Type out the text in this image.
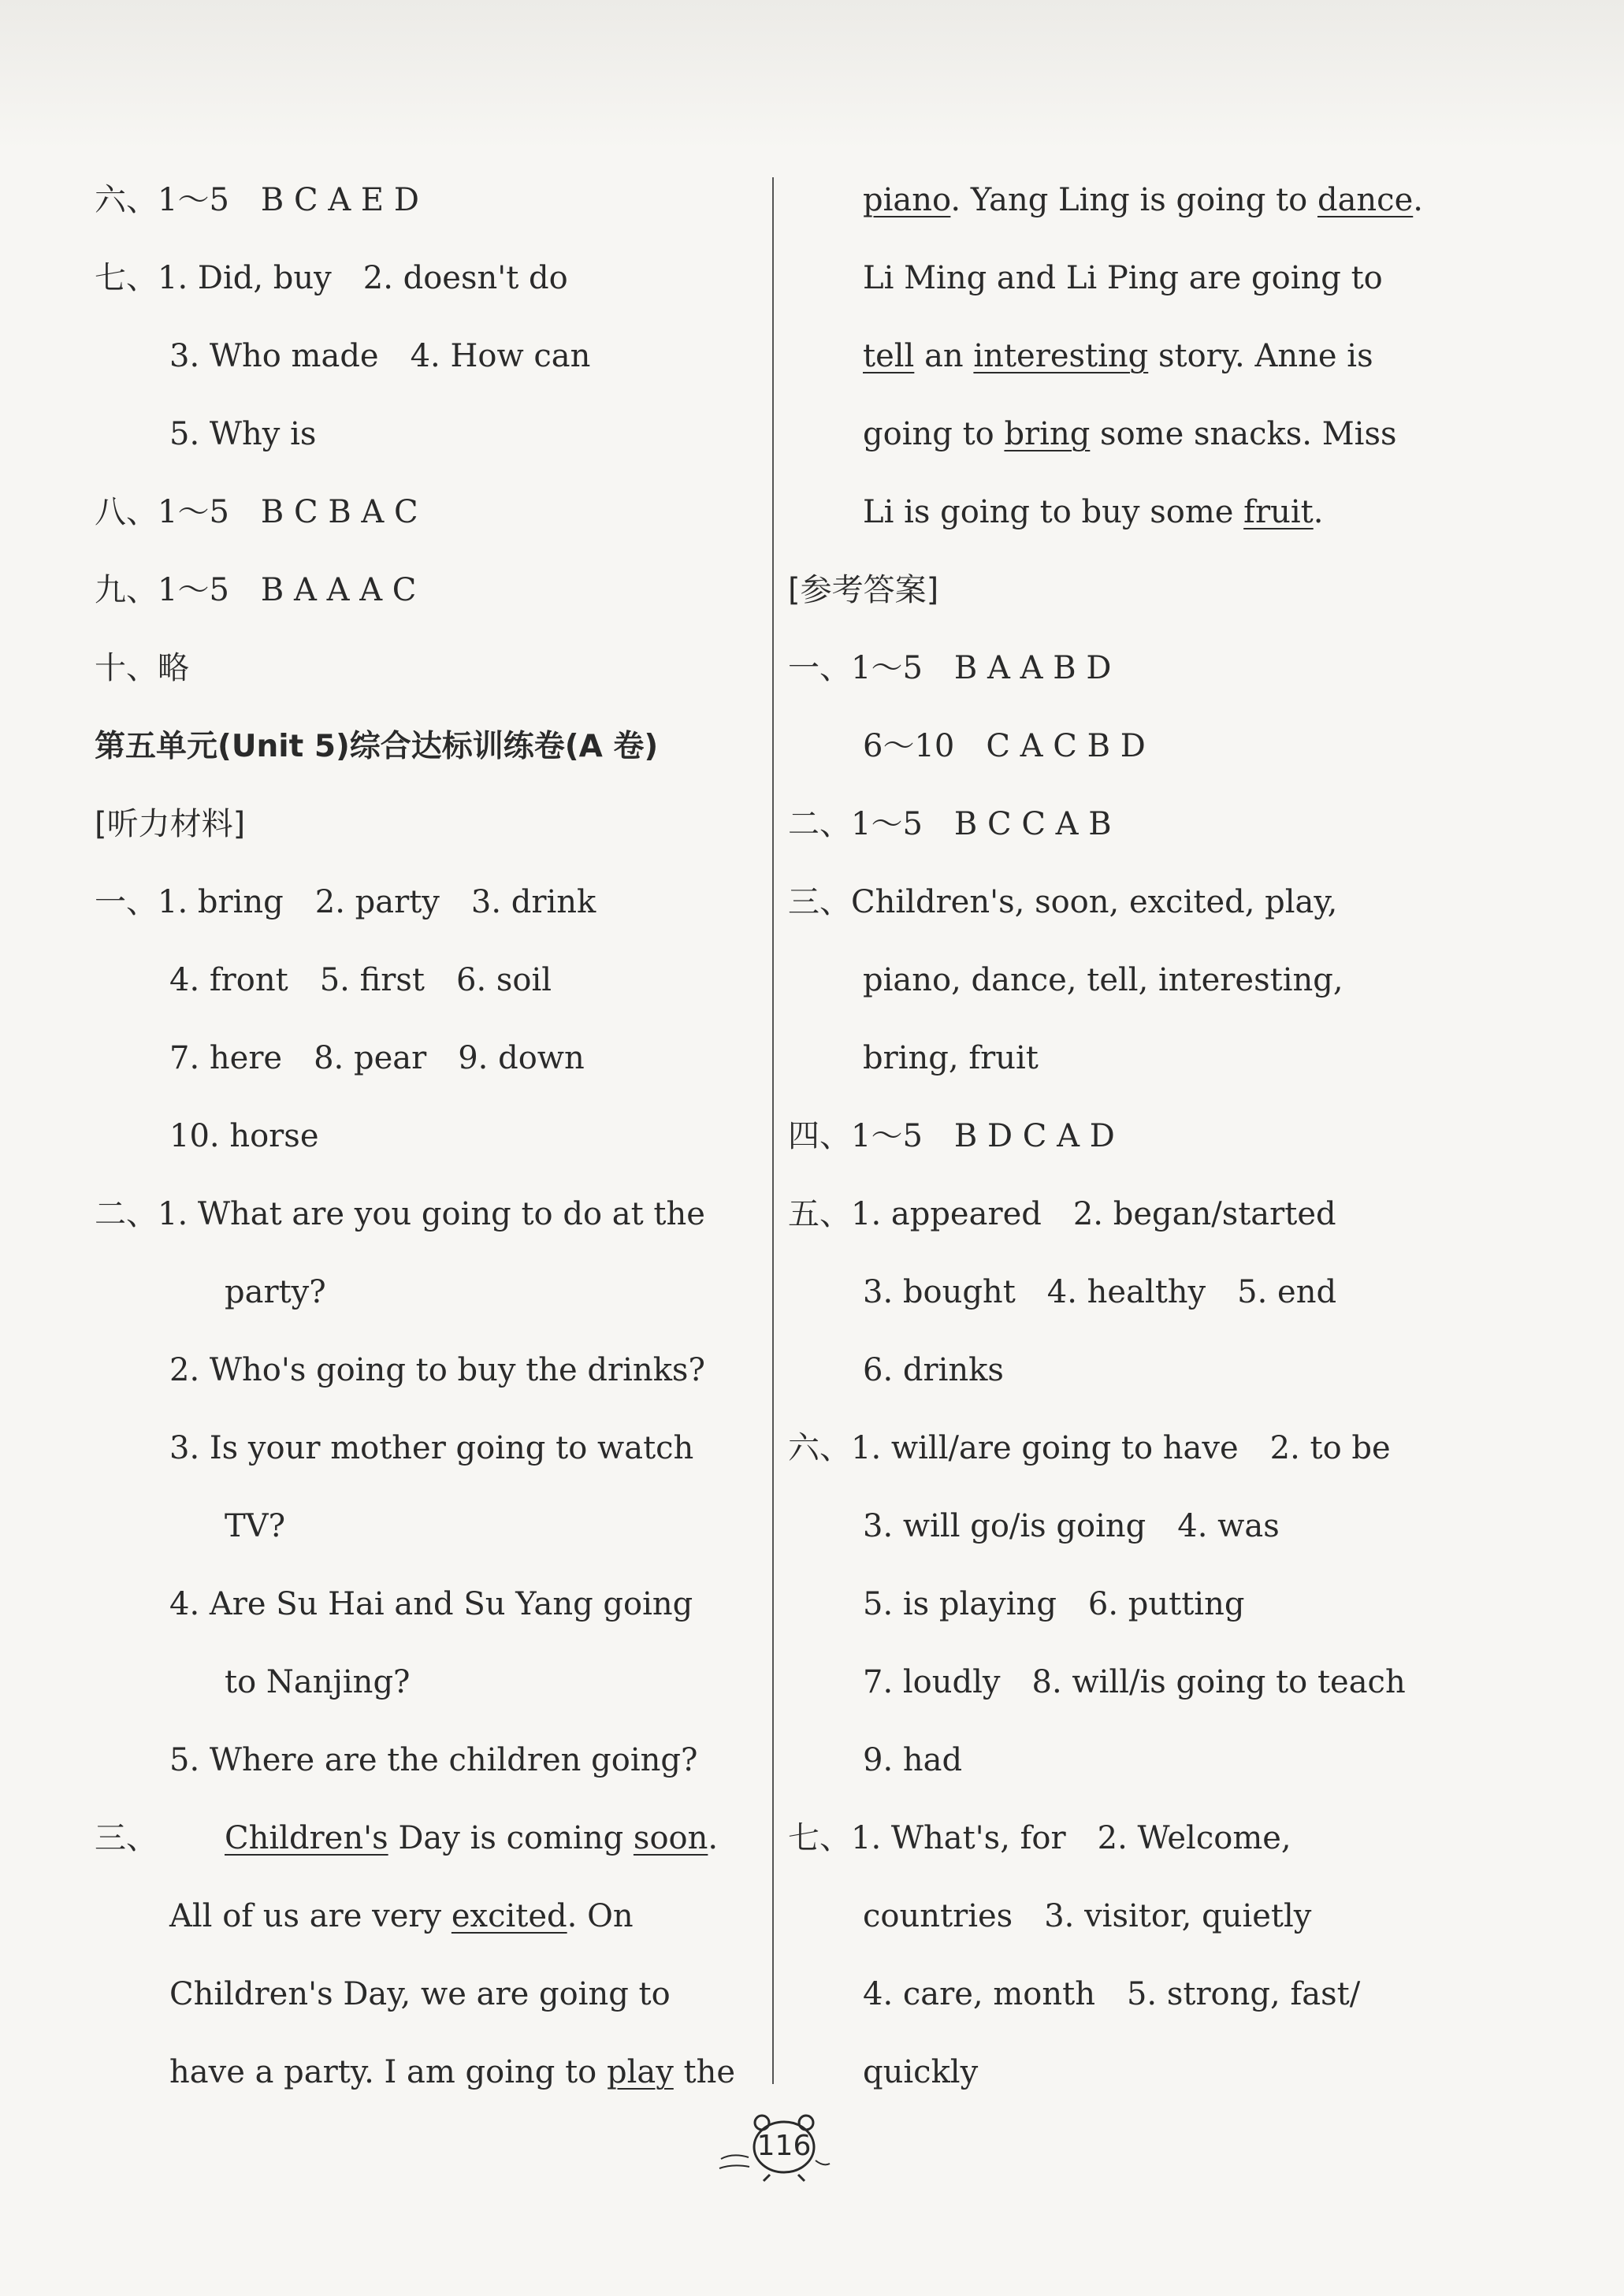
六、1～5　B C A E D
七、1. Did, buy　2. doesn't do
3. Who made　4. How can
5. Why is
八、1～5　B C B A C
九、1～5　B A A A C
十、略
第五单元(Unit 5)综合达标训练卷(A 卷)
[听力材料]
一、1. bring　2. party　3. drink
4. front　5. first　6. soil
7. here　8. pear　9. down
10. horse
二、1. What are you going to do at the
party?
2. Who's going to buy the drinks?
3. Is your mother going to watch
TV?
4. Are Su Hai and Su Yang going
to Nanjing?
5. Where are the children going?
三、 Children's Day is coming soon.
All of us are very excited. On
Children's Day, we are going to
have a party. I am going to play the
piano. Yang Ling is going to dance.
Li Ming and Li Ping are going to
tell an interesting story. Anne is
going to bring some snacks. Miss
Li is going to buy some fruit.
[参考答案]
一、1～5　B A A B D
6～10　C A C B D
二、1～5　B C C A B
三、Children's, soon, excited, play,
piano, dance, tell, interesting,
bring, fruit
四、1～5　B D C A D
五、1. appeared　2. began/started
3. bought　4. healthy　5. end
6. drinks
六、1. will/are going to have　2. to be
3. will go/is going　4. was
5. is playing　6. putting
7. loudly　8. will/is going to teach
9. had
七、1. What's, for　2. Welcome,
countries　3. visitor, quietly
4. care, month　5. strong, fast/
quickly
116
